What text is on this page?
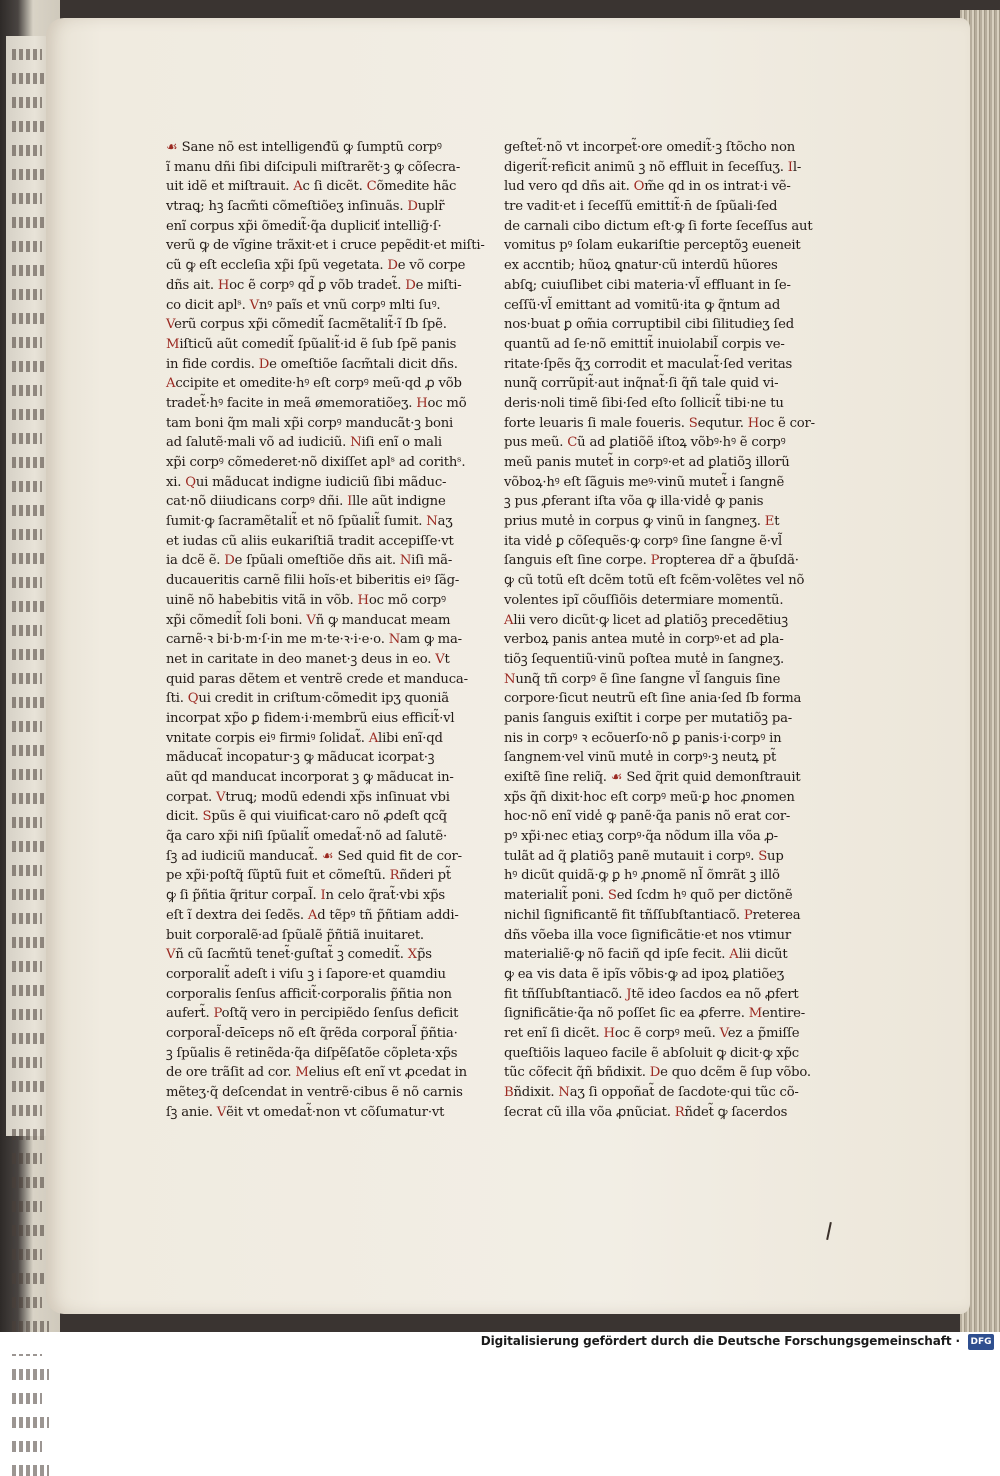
☙ Sane nõ est intelligenđũ ꝙ ſumptũ corpꝰ
ĩ manu dñi ſibi diſcipuli miſtrarẽt·ꝫ ꝙ cõſecra-
uit idẽ et miſtrauit. Ac ſi dicẽt. Cõmedite hãc
vtraꝗ; hꝫ ſacm̃ti cõmeſtiõeʒ inſinuãs. Duplr̃
enĩ corpus xp̃i õmedit̃·q̃a dupliciť intellig̃·ſ·
verũ ꝙ de vĩgine trãxit·et i cruce pepẽdit·et miſti-
cũ ꝙ eſt eccleſia xp̃i ſpũ vegetata. De võ corpe
dñs ait. Hoc ẽ corpꝰ qd̃ ꝑ võb tradet̃. De miſti-
co dicit aplˢ. Vnꝰ paĩs et vnũ corpꝰ mlti ſuꝰ.
Verũ corpus xp̃i cõmedit̃ ſacmẽtalit̃·ĩ ſb ſpẽ.
Miſticũ aũt comedit̃ ſpũalit̃·id ẽ ſub ſpẽ panis
in fide cordis. De omeſtiõe ſacm̃tali dicit dñs.
Accipite et omedite·hꝰ eſt corpꝰ meũ·qd ꝓ võb
tradet̃·hꝰ facite in meã ømemoratiõeʒ. Hoc mõ
tam boni q̃m mali xp̃i corpꝰ manducãt·ꝫ boni
ad ſalutẽ·mali võ ad iudiciũ. Niſi enĩ o mali
xp̃i corpꝰ cõmederet·nõ dixiſſet aplˢ ad corithˢ.
xi. Qui mãducat indigne iudiciũ ſibi mãduc-
cat·nõ diiudicans corpꝰ dñi. Ille aũt indigne
ſumit·ꝙ ſacramẽtalit̃ et nõ ſpũalit̃ ſumit. Naʒ
et iudas cũ aliis eukariſtiã tradit accepiſſe·vt
ia dcẽ ẽ. De ſpũali omeſtiõe dñs ait. Niſi mã-
ducaueritis carnẽ filii hoĩs·et biberitis eiꝰ ſãg-
uinẽ nõ habebitis vitã in võb. Hoc mõ corpꝰ
xp̃i cõmedit̃ ſoli boni. Vñ ꝙ manducat meam
carnẽ·ꝛ bi·b·m·ſ·in me m·te·ꝛ·i·e·o. Nam ꝙ ma-
net in caritate in deo manet·ꝫ deus in eo. Vt
quid paras dẽtem et ventrẽ crede et manduca-
ſti. Qui credit in criſtum·cõmedit ipʒ quoniã
incorpat xp̃o ꝑ fidem·i·membrũ eius efficit̃·vl
vnitate corpis eiꝰ firmiꝰ ſolidat̃. Alibi enĩ·qd
mãducat̃ incopatur·ꝫ ꝙ mãducat icorpat·ꝫ
aũt qd manducat incorporat ꝫ ꝙ mãducat in-
corpat. Vtruꝗ; modũ edendi xp̃s inſinuat vbi
dicit. Spũs ẽ qui viuificat·caro nõ ꝓdeſt qcq̃
q̃a caro xp̃i niſi ſpũalit̃ omedat̃·nõ ad ſalutẽ·
ſꝫ ad iudiciũ manducat̃. ☙ Sed quid fit de cor-
pe xp̃i·poſtq̃ ſũptũ fuit et cõmeſtũ. Rñderi pt̃
ꝙ ſi p̃ñtia q̃ritur corpal̃. In celo q̃rat̃·vbi xp̃s
eſt ĩ dextra dei ſedẽs. Ad tẽpꝰ tñ p̃ñtiam addi-
buit corporalẽ·ad ſpũalẽ p̃ñtiã inuitaret.
Vñ cũ ſacm̃tũ tenet̃·guſtat̃ ꝫ comedit̃. Xp̃s
corporalit̃ adeſt i viſu ꝫ i ſapore·et quamdiu
corporalis ſenſus afficit̃·corporalis p̃ñtia non
aufert̃. Poſtq̃ vero in percipiẽdo ſenſus deficit
corporal̃·deīceps nõ eſt q̃rẽda corporal̃ p̃ñtia·
ꝫ ſpũalis ẽ retinẽda·q̃a diſpẽſatõe cõpleta·xp̃s
de ore trãſit ad cor. Melius eſt enĩ vt ꝓcedat in
mẽteʒ·q̃ deſcendat in ventrẽ·cibus ẽ nõ carnis
ſꝫ anie. Vẽit vt omedat̃·non vt cõſumatur·vt
geſtet̃·nõ vt incorpet̃·ore omedit̃·ꝫ ſtõcho non
digerit̃·reficit animũ ꝫ nõ effluit in ſeceſſuʒ. Il-
lud vero qd dñs ait. Om̃e qd in os intrat·i vẽ-
tre vadit·et i ſeceſſũ emittit̃·n̄ de ſpũali·ſed
de carnali cibo dictum eſt·ꝙ ſi forte ſeceſſus aut
vomitus pꝰ ſolam eukariſtie perceptõꝫ eueneit
ex accntib; hũoꝝ ꝗnatur·cũ interdũ hũores
abſꝗ; cuiuſlibet cibi materia·vl̃ effluant in ſe-
ceſſũ·vl̃ emittant ad vomitũ·ita ꝙ q̃ntum ad
nos·buat ꝑ om̃ia corruptibil cibi ſilitudieʒ ſed
quantũ ad ſe·nõ emittit̃ inuiolabil̃ corpis ve-
ritate·ſpẽs q̃ʒ corrodit et maculat̃·ſed veritas
nunq̃ corrũpit̃·aut inq̃nat̃·ſi q̃ñ tale quid vi-
deris·noli timẽ ſibi·ſed eſto ſollicit̃ tibi·ne tu
forte leuaris ſi male foueris. Sequtur. Hoc ẽ cor-
pus meũ. Cũ ad ꝑlatiõẽ iſtoꝝ võbꝰ·hꝰ ẽ corpꝰ
meũ panis mutet̃ in corpꝰ·et ad ꝑlatiõꝫ illorũ
võboꝝ·hꝰ eſt ſãguis meꝰ·vinũ mutet̃ i ſangnẽ
ꝫ pus ꝓferant iſta võa ꝙ illa·vide̾ ꝙ panis
prius mute̾ in corpus ꝙ vinũ in ſangneʒ. Et
ita vide̾ ꝑ cõſequẽs·ꝙ corpꝰ ſine ſangne ẽ·vl̃
ſanguis eſt ſine corpe. Propterea dr̃ a q̃buſdã·
ꝙ cũ totũ eſt dcẽm totũ eſt fcẽm·volẽtes vel nõ
volentes ipĩ cõuſſiõis determiare momentũ.
Alii vero dicũt·ꝙ licet ad ꝑlatiõꝫ precedẽtiuꝫ
verboꝝ panis antea mute̾ in corpꝰ·et ad ꝑla-
tiõꝫ ſequentiũ·vinũ poſtea mute̾ in ſangneʒ.
Nunq̃ tñ corpꝰ ẽ ſine ſangne vl̃ ſanguis ſine
corpore·ſicut neutrũ eſt ſine ania·ſed ſb forma
panis ſanguis exiſtit i corpe per mutatiõꝫ pa-
nis in corpꝰ ꝛ ecõuerſo·nõ ꝑ panis·i·corpꝰ in
ſangnem·vel vinũ mute̾ in corpꝰ·ꝫ neutꝝ pt̃
exiſtẽ ſine reliq̃. ☙ Sed q̃rit quid demonſtrauit
xp̃s q̃ñ dixit·hoc eſt corpꝰ meũ·ꝑ hoc ꝓnomen
hoc·nõ enĩ vide̾ ꝙ panẽ·q̃a panis nõ erat cor-
pꝰ xp̃i·nec etiaʒ corpꝰ·q̃a nõdum illa võa ꝓ-
tulãt ad q̃ ꝑlatiõꝫ panẽ mutauit i corpꝰ. Sup
hꝰ dicũt quidã·ꝙ ꝑ hꝰ ꝓnomẽ nl̃ õmrãt ꝫ illõ
materialit̃ poni. Sed ſcdm hꝰ quõ per dictõnẽ
nichil ſignificantẽ fit tñſſubſtantiacõ. Preterea
dñs võeba illa voce ſignificãtie·et nos vtimur
materialiẽ·ꝙ nõ faciñ qd ipſe fecit. Alii dicũt
ꝙ ea vis data ẽ ipĩs võbis·ꝙ ad ipoꝝ ꝑlatiõeʒ
fit tñſſubſtantiacõ. Jtẽ ideo ſacdos ea nõ ꝓfert
ſignificãtie·q̃a nõ poſſet ſic ea ꝓferre. Mentire-
ret enĩ ſi dicẽt. Hoc ẽ corpꝰ meũ. Vez a p̃miſſe
queſtiõis laqueo facile ẽ abſoluit ꝙ dicit·ꝙ xp̃c
tũc cõfecit q̃ñ bñdixit. De quo dcẽm ẽ ſup võbo.
Bñdixit. Naʒ ſi oppoñat̃ de ſacdote·qui tũc cõ-
ſecrat cũ illa võa ꝓnũciat. Rñdet̃ ꝙ ſacerdos
Digitalisierung gefördert durch die Deutsche Forschungsgemeinschaft · DFG
